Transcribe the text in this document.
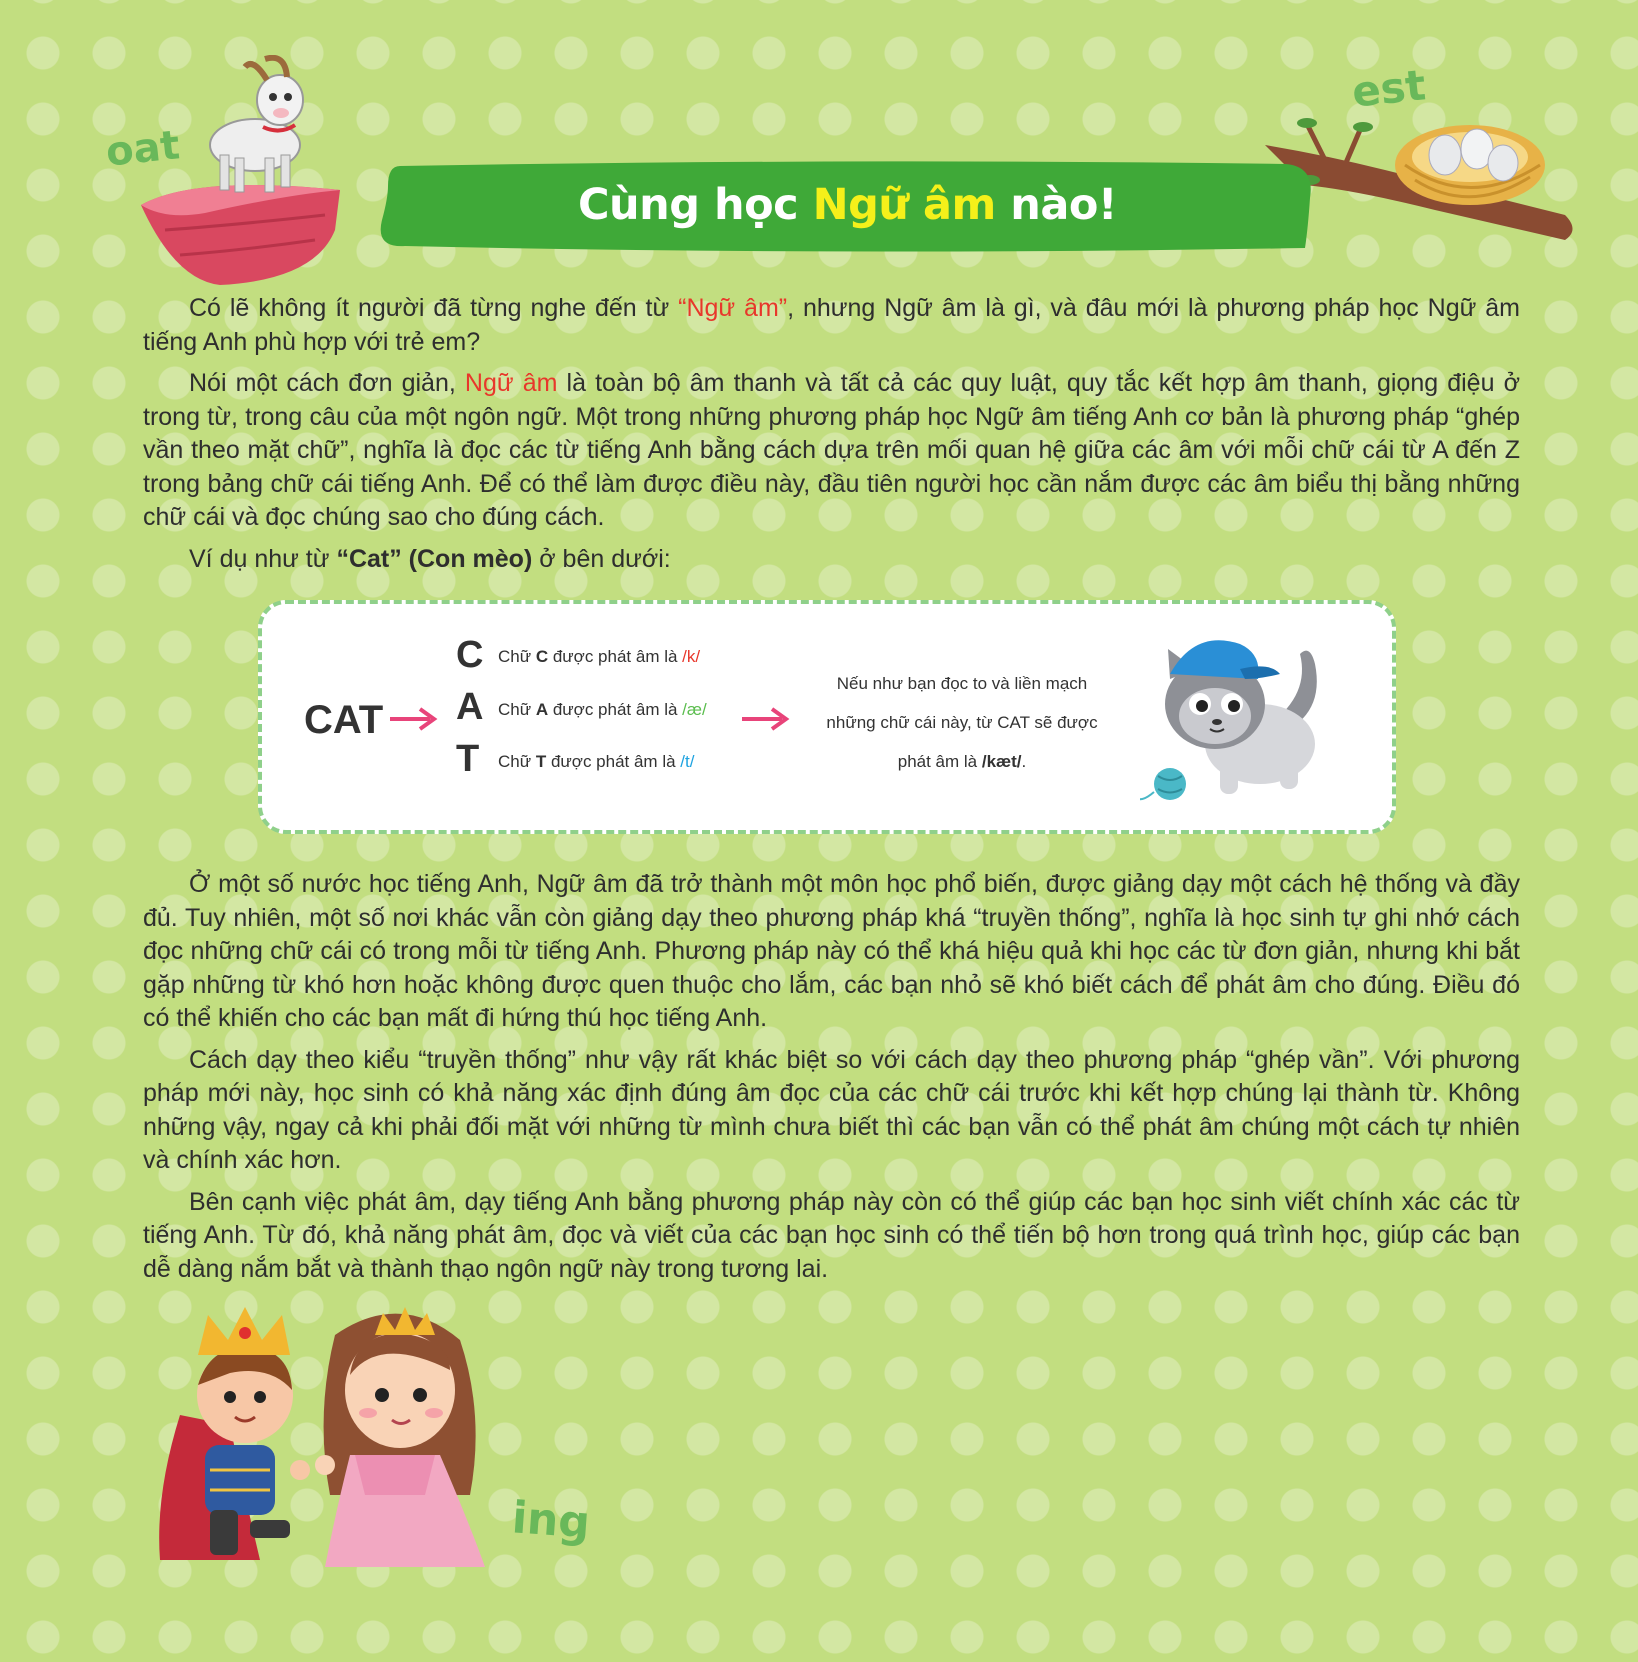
oat
est
Cùng học Ngữ âm nào!

Có lẽ không ít người đã từng nghe đến từ “Ngữ âm”, nhưng Ngữ âm là gì, và đâu mới là phương pháp học Ngữ âm tiếng Anh phù hợp với trẻ em?

Nói một cách đơn giản, Ngữ âm là toàn bộ âm thanh và tất cả các quy luật, quy tắc kết hợp âm thanh, giọng điệu ở trong từ, trong câu của một ngôn ngữ. Một trong những phương pháp học Ngữ âm tiếng Anh cơ bản là phương pháp “ghép vần theo mặt chữ”, nghĩa là đọc các từ tiếng Anh bằng cách dựa trên mối quan hệ giữa các âm với mỗi chữ cái từ A đến Z trong bảng chữ cái tiếng Anh. Để có thể làm được điều này, đầu tiên người học cần nắm được các âm biểu thị bằng những chữ cái và đọc chúng sao cho đúng cách.

Ví dụ như từ “Cat” (Con mèo) ở bên dưới:

CAT
C Chữ C được phát âm là /k/
A Chữ A được phát âm là /æ/
T Chữ T được phát âm là /t/
Nếu như bạn đọc to và liền mạch
những chữ cái này, từ CAT sẽ được
phát âm là /kæt/.

Ở một số nước học tiếng Anh, Ngữ âm đã trở thành một môn học phổ biến, được giảng dạy một cách hệ thống và đầy đủ. Tuy nhiên, một số nơi khác vẫn còn giảng dạy theo phương pháp khá “truyền thống”, nghĩa là học sinh tự ghi nhớ cách đọc những chữ cái có trong mỗi từ tiếng Anh. Phương pháp này có thể khá hiệu quả khi học các từ đơn giản, nhưng khi bắt gặp những từ khó hơn hoặc không được quen thuộc cho lắm, các bạn nhỏ sẽ khó biết cách để phát âm cho đúng. Điều đó có thể khiến cho các bạn mất đi hứng thú học tiếng Anh.

Cách dạy theo kiểu “truyền thống” như vậy rất khác biệt so với cách dạy theo phương pháp “ghép vần”. Với phương pháp mới này, học sinh có khả năng xác định đúng âm đọc của các chữ cái trước khi kết hợp chúng lại thành từ. Không những vậy, ngay cả khi phải đối mặt với những từ mình chưa biết thì các bạn vẫn có thể phát âm chúng một cách tự nhiên và chính xác hơn.

Bên cạnh việc phát âm, dạy tiếng Anh bằng phương pháp này còn có thể giúp các bạn học sinh viết chính xác các từ tiếng Anh. Từ đó, khả năng phát âm, đọc và viết của các bạn học sinh có thể tiến bộ hơn trong quá trình học, giúp các bạn dễ dàng nắm bắt và thành thạo ngôn ngữ này trong tương lai.

ing
